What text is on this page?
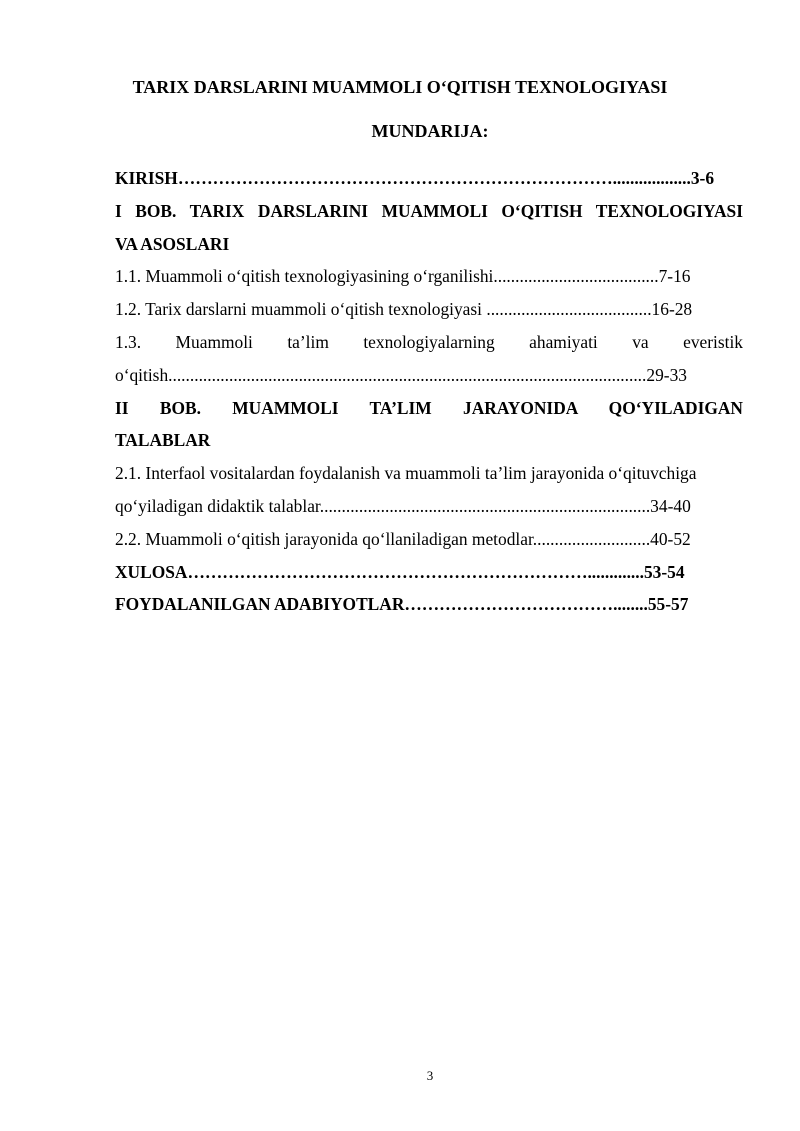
TARIX DARSLARINI MUAMMOLI O‘QITISH TEXNOLOGIYASI
MUNDARIJA:
KIRISH…………………………………………………………………..................3-6
I BOB. TARIX DARSLARINI MUAMMOLI O‘QITISH TEXNOLOGIYASI
VA ASOSLARI
1.1. Muammoli o‘qitish texnologiyasining o‘rganilishi......................................7-16
1.2. Tarix darslarni muammoli o‘qitish texnologiyasi ......................................16-28
1.3. Muammoli ta’lim texnologiyalarning ahamiyati va everistik
o‘qitish..............................................................................................................29-33
II BOB. MUAMMOLI TA’LIM JARAYONIDA QO‘YILADIGAN
TALABLAR
2.1. Interfaol vositalardan foydalanish va muammoli ta’lim jarayonida o‘qituvchiga
qo‘yiladigan didaktik talablar............................................................................34-40
2.2. Muammoli o‘qitish jarayonida qo‘llaniladigan metodlar...........................40-52
XULOSA…………………………………………………………….............53-54
FOYDALANILGAN ADABIYOTLAR………………………………........55-57
3
